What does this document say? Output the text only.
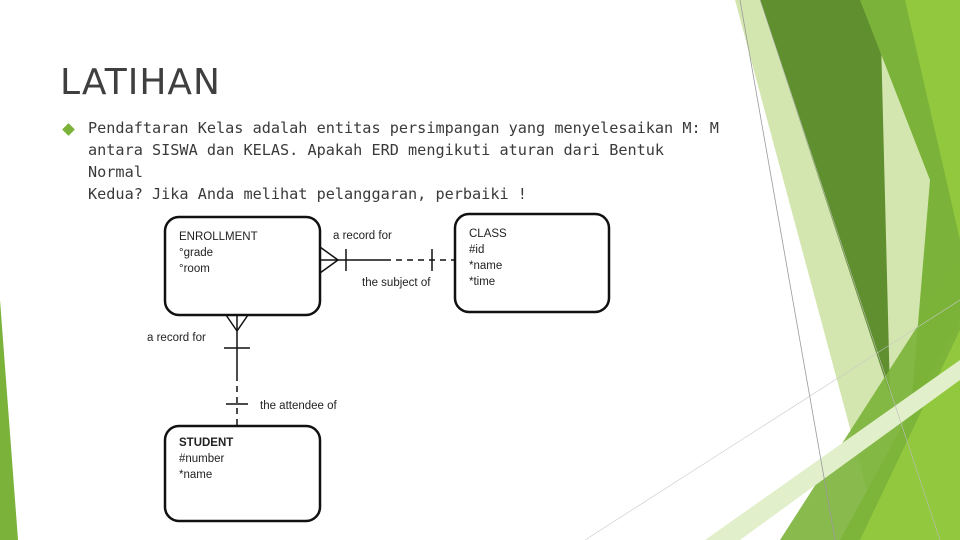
LATIHAN

Pendaftaran Kelas adalah entitas persimpangan yang menyelesaikan M: M
antara SISWA dan KELAS. Apakah ERD mengikuti aturan dari Bentuk Normal
Kedua? Jika Anda melihat pelanggaran, perbaiki !

ENROLLMENT
°grade
°room
CLASS
#id
*name
*time
STUDENT
#number
*name
a record for
the subject of
a record for
the attendee of
